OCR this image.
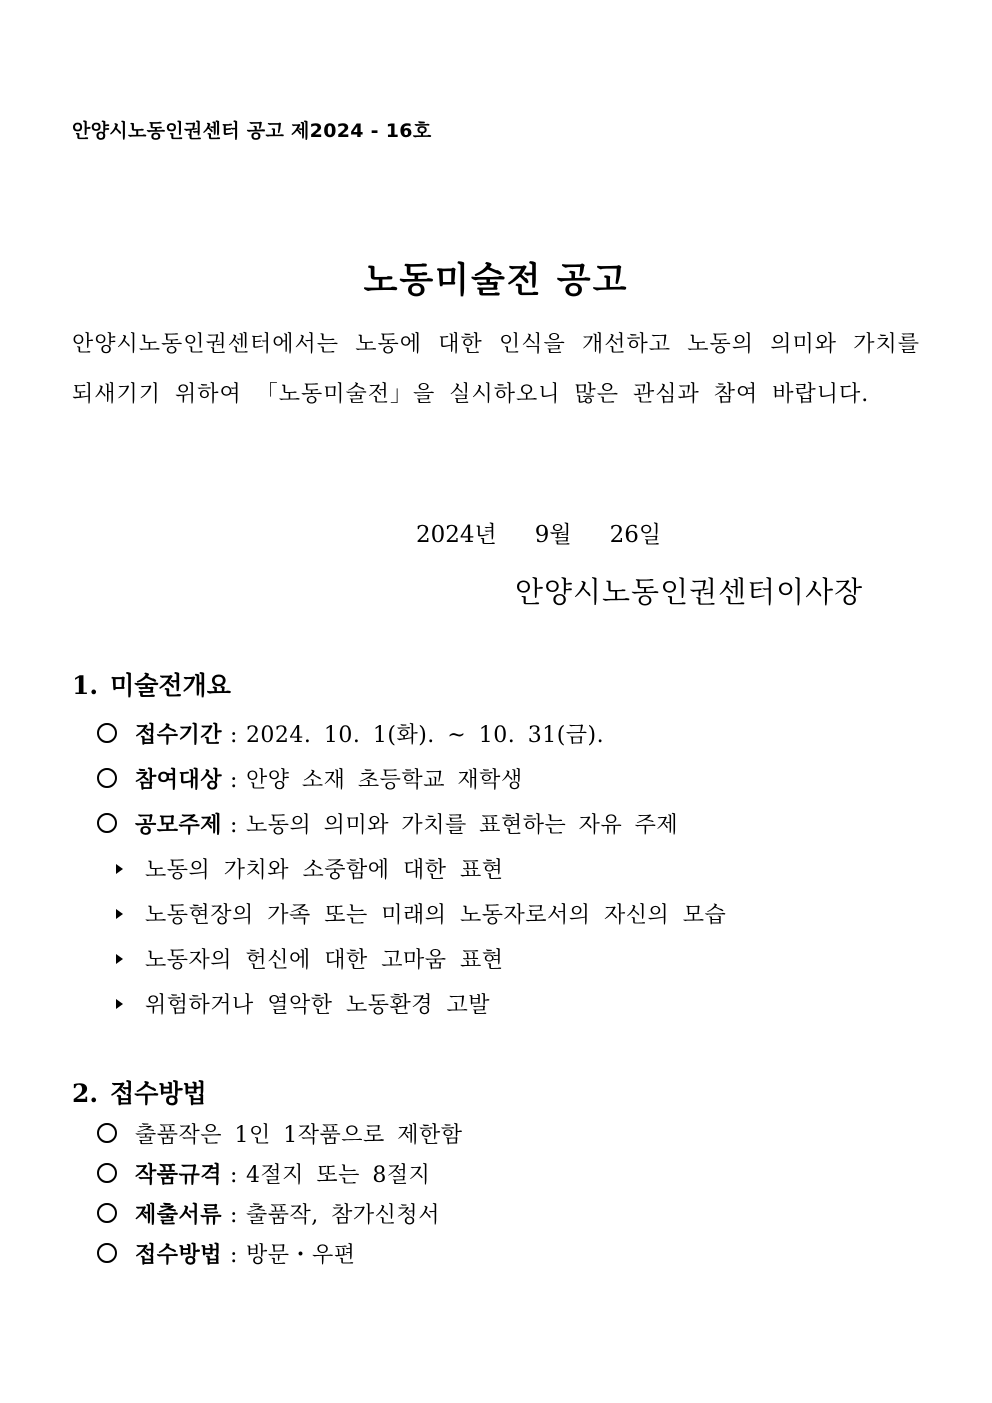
안양시노동인권센터 공고 제2024 - 16호
노동미술전 공고
안양시노동인권센터에서는 노동에 대한 인식을 개선하고 노동의 의미와 가치를 되새기기 위하여 「노동미술전」을 실시하오니 많은 관심과 참여 바랍니다.
2024년 9월 26일
안양시노동인권센터이사장
1. 미술전개요
접수기간 : 2024. 10. 1(화). ~ 10. 31(금).
참여대상 : 안양 소재 초등학교 재학생
공모주제 : 노동의 의미와 가치를 표현하는 자유 주제
노동의 가치와 소중함에 대한 표현
노동현장의 가족 또는 미래의 노동자로서의 자신의 모습
노동자의 헌신에 대한 고마움 표현
위험하거나 열악한 노동환경 고발
2. 접수방법
출품작은 1인 1작품으로 제한함
작품규격 : 4절지 또는 8절지
제출서류 : 출품작, 참가신청서
접수방법 : 방문・우편
